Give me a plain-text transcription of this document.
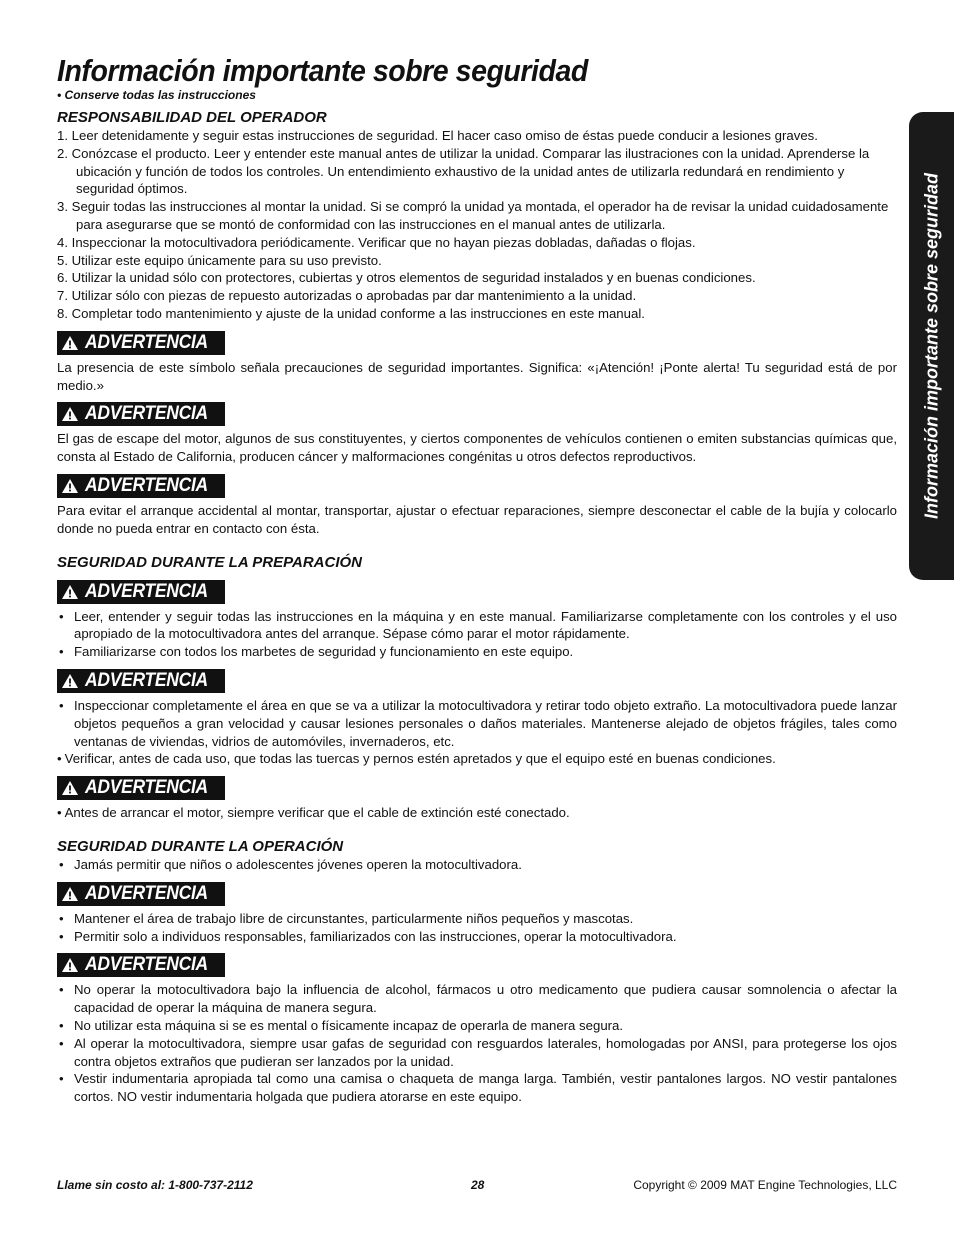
Información importante sobre seguridad
Información importante sobre seguridad
• Conserve todas las instrucciones
RESPONSABILIDAD DEL OPERADOR
1. Leer detenidamente y seguir estas instrucciones de seguridad. El hacer caso omiso de éstas puede conducir a lesiones graves.
2. Conózcase el producto. Leer y entender este manual antes de utilizar la unidad. Comparar las ilustraciones con la unidad. Aprenderse la ubicación y función de todos los controles. Un entendimiento exhaustivo de la unidad antes de utilizarla redundará en rendimiento y seguridad óptimos.
3. Seguir todas las instrucciones al montar la unidad. Si se compró la unidad ya montada, el operador ha de revisar la unidad cuidadosamente para asegurarse que se montó de conformidad con las instrucciones en el manual antes de utilizarla.
4. Inspeccionar la motocultivadora periódicamente. Verificar que no hayan piezas dobladas, dañadas o flojas.
5. Utilizar este equipo únicamente para su uso previsto.
6. Utilizar la unidad sólo con protectores, cubiertas y otros elementos de seguridad instalados y en buenas condiciones.
7. Utilizar sólo con piezas de repuesto autorizadas o aprobadas par dar mantenimiento a la unidad.
8. Completar todo mantenimiento y ajuste de la unidad conforme a las instrucciones en este manual.
ADVERTENCIA

La presencia de este símbolo señala precauciones de seguridad importantes. Significa: «¡Atención! ¡Ponte alerta! Tu seguridad está de por medio.»

ADVERTENCIA

El gas de escape del motor, algunos de sus constituyentes, y ciertos componentes de vehículos contienen o emiten substancias químicas que, consta al Estado de California, producen cáncer y malformaciones congénitas u otros defectos reproductivos.

ADVERTENCIA

Para evitar el arranque accidental al montar, transportar, ajustar o efectuar reparaciones, siempre desconectar el cable de la bujía y colocarlo donde no pueda entrar en contacto con ésta.

SEGURIDAD DURANTE LA PREPARACIÓN
ADVERTENCIA
• Leer, entender y seguir todas las instrucciones en la máquina y en este manual. Familiarizarse completamente con los controles y el uso apropiado de la motocultivadora antes del arranque. Sépase cómo parar el motor rápidamente.
• Familiarizarse con todos los marbetes de seguridad y funcionamiento en este equipo.
ADVERTENCIA
• Inspeccionar completamente el área en que se va a utilizar la motocultivadora y retirar todo objeto extraño. La motocultivadora puede lanzar objetos pequeños a gran velocidad y causar lesiones personales o daños materiales. Mantenerse alejado de objetos frágiles, tales como ventanas de viviendas, vidrios de automóviles, invernaderos, etc.
• Verificar, antes de cada uso, que todas las tuercas y pernos estén apretados y que el equipo esté en buenas condiciones.
ADVERTENCIA
• Antes de arrancar el motor, siempre verificar que el cable de extinción esté conectado.
SEGURIDAD DURANTE LA OPERACIÓN
• Jamás permitir que niños o adolescentes jóvenes operen la motocultivadora.
ADVERTENCIA
• Mantener el área de trabajo libre de circunstantes, particularmente niños pequeños y mascotas.
• Permitir solo a individuos responsables, familiarizados con las instrucciones, operar la motocultivadora.
ADVERTENCIA
• No operar la motocultivadora bajo la influencia de alcohol, fármacos u otro medicamento que pudiera causar somnolencia o afectar la capacidad de operar la máquina de manera segura.
• No utilizar esta máquina si se es mental o físicamente incapaz de operarla de manera segura.
• Al operar la motocultivadora, siempre usar gafas de seguridad con resguardos laterales, homologadas por ANSI, para protegerse los ojos contra objetos extraños que pudieran ser lanzados por la unidad.
• Vestir indumentaria apropiada tal como una camisa o chaqueta de manga larga. También, vestir pantalones largos. NO vestir pantalones cortos. NO vestir indumentaria holgada que pudiera atorarse en este equipo.
Llame sin costo al: 1-800-737-2112	28	Copyright © 2009 MAT Engine Technologies, LLC
